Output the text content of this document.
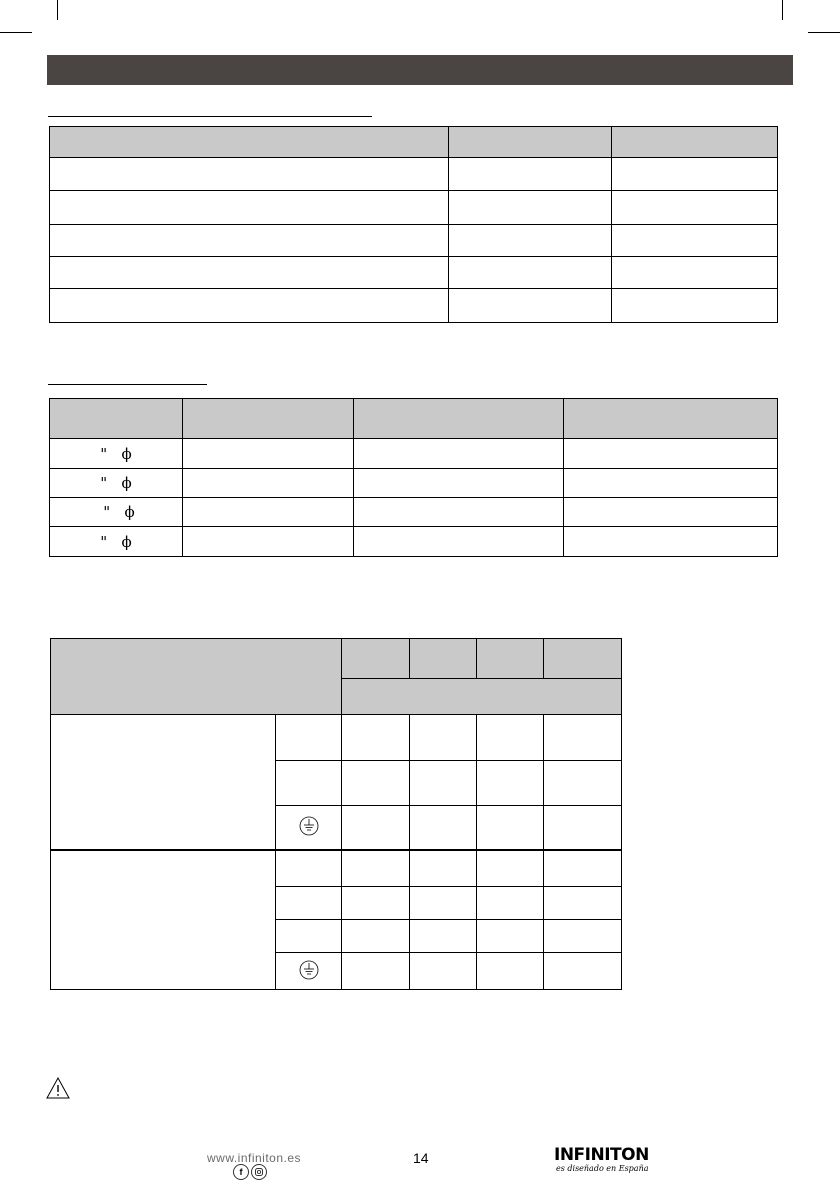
"   ϕ			
"   ϕ			
"   ϕ			
"   ϕ			

www.infiniton.es
f
14	INFINITON
es diseñado en España
